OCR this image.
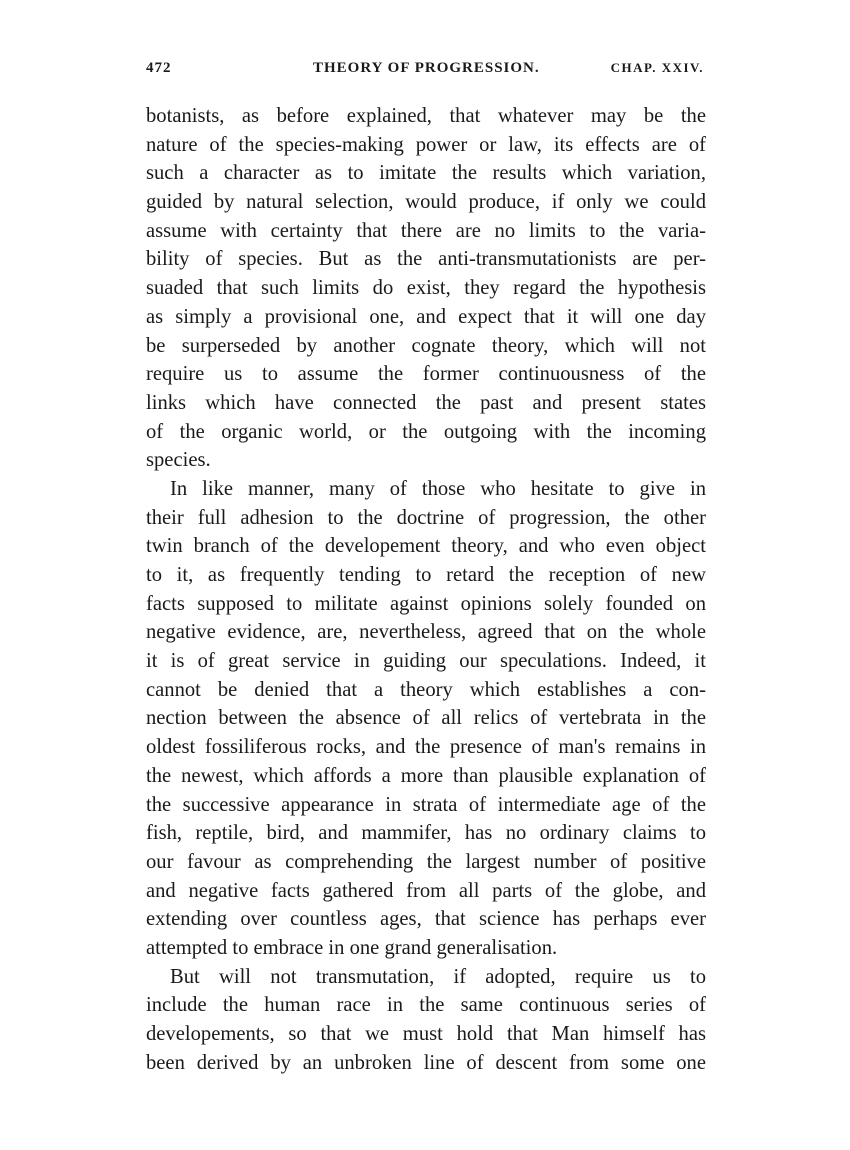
472	THEORY OF PROGRESSION.	CHAP. XXIV.
botanists, as before explained, that whatever may be the
nature of the species-making power or law, its effects are of
such a character as to imitate the results which variation,
guided by natural selection, would produce, if only we could
assume with certainty that there are no limits to the varia-
bility of species. But as the anti-transmutationists are per-
suaded that such limits do exist, they regard the hypothesis
as simply a provisional one, and expect that it will one day
be surperseded by another cognate theory, which will not
require us to assume the former continuousness of the
links which have connected the past and present states
of the organic world, or the outgoing with the incoming
species.
In like manner, many of those who hesitate to give in
their full adhesion to the doctrine of progression, the other
twin branch of the developement theory, and who even object
to it, as frequently tending to retard the reception of new
facts supposed to militate against opinions solely founded on
negative evidence, are, nevertheless, agreed that on the whole
it is of great service in guiding our speculations. Indeed, it
cannot be denied that a theory which establishes a con-
nection between the absence of all relics of vertebrata in the
oldest fossiliferous rocks, and the presence of man's remains in
the newest, which affords a more than plausible explanation of
the successive appearance in strata of intermediate age of the
fish, reptile, bird, and mammifer, has no ordinary claims to
our favour as comprehending the largest number of positive
and negative facts gathered from all parts of the globe, and
extending over countless ages, that science has perhaps ever
attempted to embrace in one grand generalisation.
But will not transmutation, if adopted, require us to
include the human race in the same continuous series of
developements, so that we must hold that Man himself has
been derived by an unbroken line of descent from some one
